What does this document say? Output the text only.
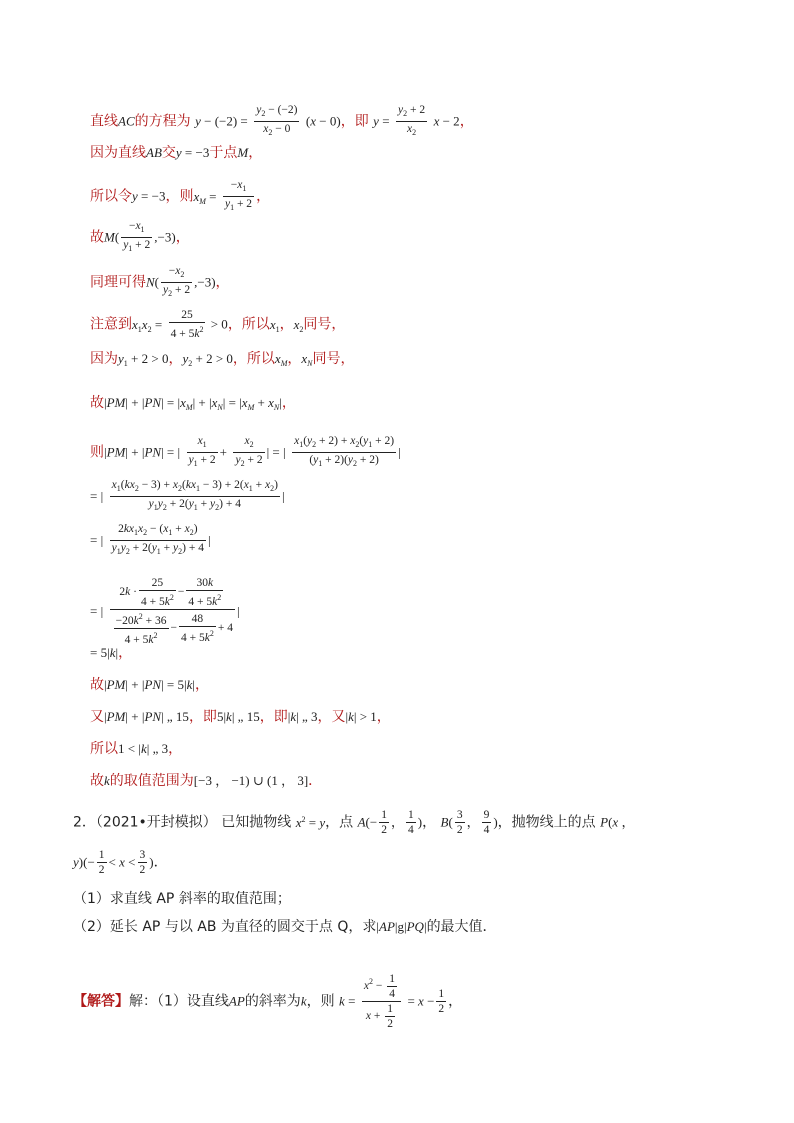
直线AC的方程为 $y - (-2) = \frac{y_2 - (-2)}{x_2 - 0} (x - 0)$，即 $y = \frac{y_2 + 2}{x_2}$ x − 2，
因为直线AB交y = −3于点M，
所以令y = −3，则$x_M = \frac{-x_1}{y_1 + 2}$ ，
故$M( \frac{-x_1}{y_1 + 2} ,-3)$，
同理可得$N( \frac{-x_2}{y_2 + 2} ,-3)$，
注意到$x_1x_2 = \frac{25}{4 + 5k^2} > 0$，所以$x_1$，$x_2$同号，
因为$y_1 + 2 > 0$，$y_2 + 2 > 0$，所以$x_M$，$x_N$同号，
故$|PM| + |PN| = |x_M| + |x_N| = |x_M + x_N|$，
则|PM| + |PN| = | $\frac{x_1}{y_1 + 2} + \frac{x_2}{y_2 + 2}$ | = | $\frac{x_1(y_2 + 2) + x_2(y_1 + 2)}{(y_1 + 2)(y_2 + 2)}$ |
= | $\frac{x_1(kx_2 - 3) + x_2(kx_1 - 3) + 2(x_1 + x_2)}{y_1y_2 + 2(y_1 + y_2) + 4}$ |
= | $\frac{2kx_1x_2 - (x_1 + x_2)}{y_1y_2 + 2(y_1 + y_2) + 4}$ |
= | $\frac{2k \cdot \frac{25}{4 + 5k^2} - \frac{30k}{4 + 5k^2}}{\frac{-20k^2 + 36}{4 + 5k^2} - \frac{48}{4 + 5k^2} + 4}$ |
= 5|k|，
故|PM| + |PN| = 5|k|，
又|PM| + |PN| „ 15，即5|k| „ 15，即|k| „ 3，又|k| > 1，
所以1 < |k| „ 3，
故k的取值范围为[−3 ， −1) ∪ (1 ， 3]．
2．（2021•开封模拟） 已知抛物线 $x^2 = y$，点 $A(- \frac{1}{2}$ ， $\frac{1}{4}$ )， $B( \frac{3}{2}$ ， $\frac{9}{4}$ )，抛物线上的点 P(x ，
$y)(- \frac{1}{2} < x < \frac{3}{2}$ )．
（1）求直线 AP 斜率的取值范围；
（2）延长 AP 与以 AB 为直径的圆交于点 Q，求|AP|g|PQ|的最大值．
【解答】解：（1）设直线AP的斜率为k，则 $k = \frac{x^2 - \frac{1}{4}}{x + \frac{1}{2}} = x - \frac{1}{2}$ ，
